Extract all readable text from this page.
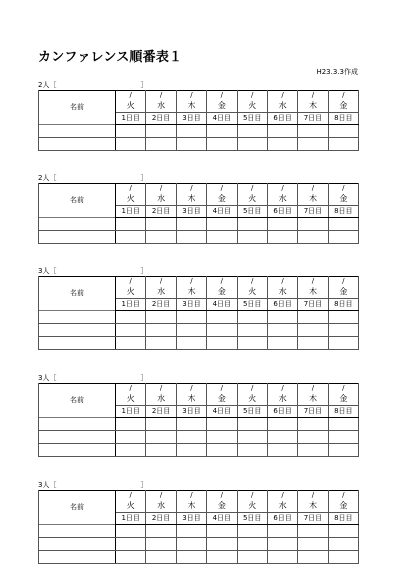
カンファレンス順番表１
H23.3.3作成
2人［　　　　　　　　　　　　］
名前	/	/	/	/	/	/	/	/
	火	水	木	金	火	水	木	金
	1日目	2日目	3日目	4日目	5日目	6日目	7日目	8日目

2人［　　　　　　　　　　　　］
名前	/	/	/	/	/	/	/	/
	火	水	木	金	火	水	木	金
	1日目	2日目	3日目	4日目	5日目	6日目	7日目	8日目

3人［　　　　　　　　　　　　］
名前	/	/	/	/	/	/	/	/
	火	水	木	金	火	水	木	金
	1日目	2日目	3日目	4日目	5日目	6日目	7日目	8日目

3人［　　　　　　　　　　　　］
名前	/	/	/	/	/	/	/	/
	火	水	木	金	火	水	木	金
	1日目	2日目	3日目	4日目	5日目	6日目	7日目	8日目

3人［　　　　　　　　　　　　］
名前	/	/	/	/	/	/	/	/
	火	水	木	金	火	水	木	金
	1日目	2日目	3日目	4日目	5日目	6日目	7日目	8日目
